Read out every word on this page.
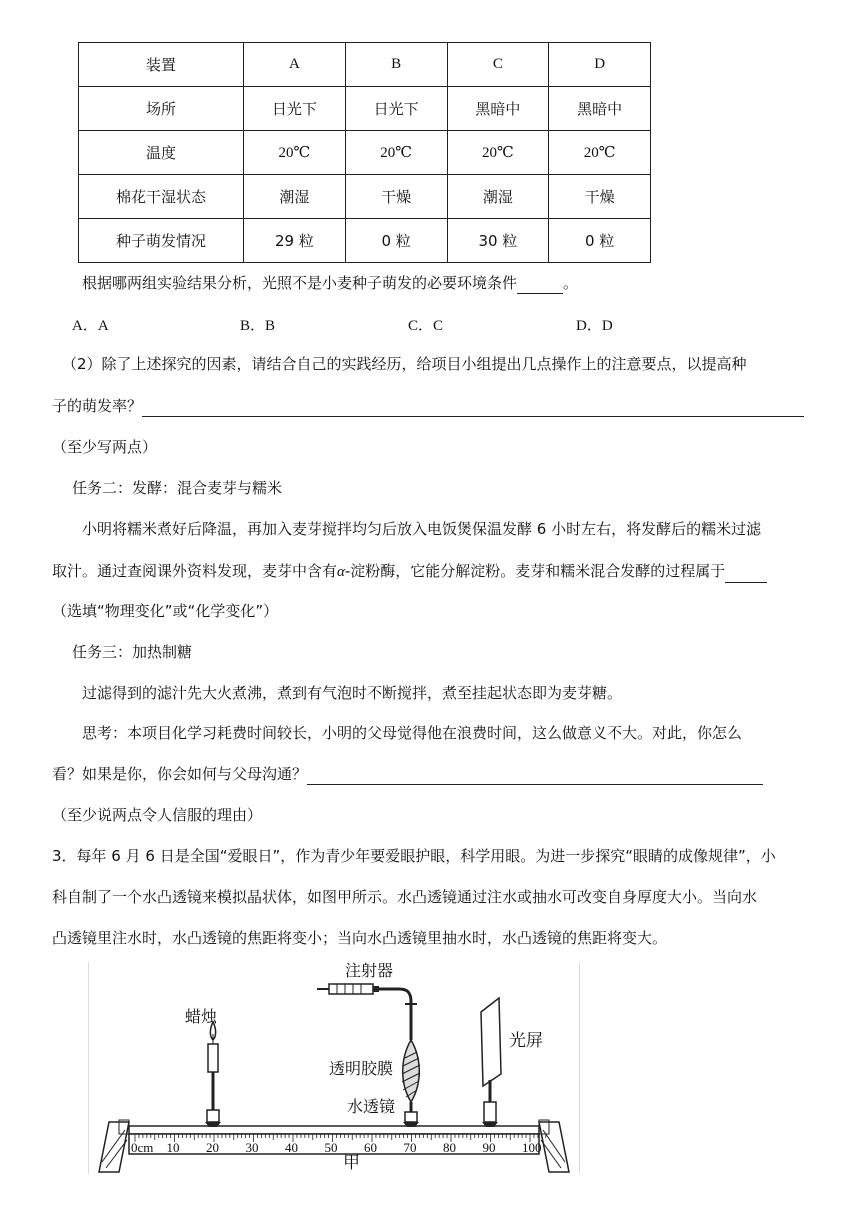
装置	A	B	C	D
场所	日光下	日光下	黑暗中	黑暗中
温度	20℃	20℃	20℃	20℃
棉花干湿状态	潮湿	干燥	潮湿	干燥
种子萌发情况	29 粒	0 粒	30 粒	0 粒
根据哪两组实验结果分析，光照不是小麦种子萌发的必要环境条件	。
A．A	B．B	C．C	D．D
（2）除了上述探究的因素，请结合自己的实践经历，给项目小组提出几点操作上的注意要点，以提高种
子的萌发率？
（至少写两点）
任务二：发酵：混合麦芽与糯米
小明将糯米煮好后降温，再加入麦芽搅拌均匀后放入电饭煲保温发酵 6 小时左右，将发酵后的糯米过滤
取汁。通过查阅课外资料发现，麦芽中含有α-淀粉酶，它能分解淀粉。麦芽和糯米混合发酵的过程属于
（选填“物理变化”或“化学变化”）
任务三：加热制糖
过滤得到的滤汁先大火煮沸，煮到有气泡时不断搅拌，煮至挂起状态即为麦芽糖。
思考：本项目化学习耗费时间较长，小明的父母觉得他在浪费时间，这么做意义不大。对此，你怎么
看？如果是你，你会如何与父母沟通？
（至少说两点令人信服的理由）
3．每年 6 月 6 日是全国“爱眼日”，作为青少年要爱眼护眼，科学用眼。为进一步探究“眼睛的成像规律”，小
科自制了一个水凸透镜来模拟晶状体，如图甲所示。水凸透镜通过注水或抽水可改变自身厚度大小。当向水
凸透镜里注水时，水凸透镜的焦距将变小；当向水凸透镜里抽水时，水凸透镜的焦距将变大。
0cm 10 20 30 40 50 60 70 80 90 100
注射器
蜡烛
透明胶膜
水透镜
光屏
甲
